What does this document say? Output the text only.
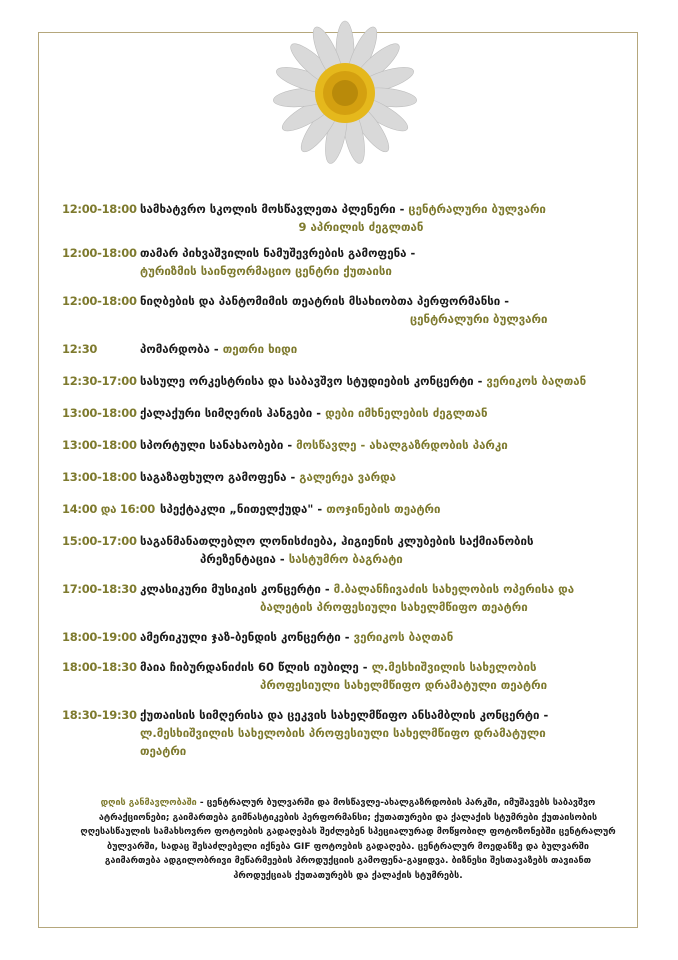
12:00-18:00 სამხატვრო სკოლის მოსწავლეთა პლენერი - ცენტრალური ბულვარი
9 აპრილის ძეგლთან
12:00-18:00 თამარ პიხვაშვილის ნამუშევრების გამოფენა -
ტურიზმის საინფორმაციო ცენტრი ქუთაისი
12:00-18:00 ნიღბების და პანტომიმის თეატრის მსახიობთა პერფორმანსი -
ცენტრალური ბულვარი
12:30	პომარდობა - თეთრი ხიდი
12:30-17:00 სასულე ორკესტრისა და საბავშვო სტუდიების კონცერტი - ვერიკოს ბაღთან
13:00-18:00 ქალაქური სიმღერის ჰანგები - დები იმხნელების ძეგლთან
13:00-18:00 სპორტული სანახაობები - მოსწავლე - ახალგაზრდობის პარკი
13:00-18:00 საგაზაფხულო გამოფენა - გალერეა ვარდა
14:00 და 16:00 სპექტაკლი „ნითელქუდა" - თოჯინების თეატრი
15:00-17:00 საგანმანათლებლო ლონისძიება, ჰიგიენის კლუბების საქმიანობის
პრეზენტაცია - სასტუმრო ბაგრატი
17:00-18:30 კლასიკური მუსიკის კონცერტი - მ.ბალანჩივაძის სახელობის ოპერისა და
ბალეტის პროფესიული სახელმწიფო თეატრი
18:00-19:00 ამერიკული ჯაზ-ბენდის კონცერტი - ვერიკოს ბაღთან
18:00-18:30 მაია ჩიბურდანიძის 60 წლის იუბილე - ლ.მესხიშვილის სახელობის
პროფესიული სახელმწიფო დრამატული თეატრი
18:30-19:30 ქუთაისის სიმღერისა და ცეკვის სახელმწიფო ანსამბლის კონცერტი -
ლ.მესხიშვილის სახელობის პროფესიული სახელმწიფო დრამატული თეატრი
დღის განმავლობაში - ცენტრალურ ბულვარში და მოსწავლე-ახალგაზრდობის პარკში, იმუშავებს საბავშვო ატრაქციონები; გაიმართება გიმნასტიკების პერფორმანსი; ქუთათურები და ქალაქის სტუმრები ქუთაისობის ღღესასწაულის სამახსოვრო ფოტოების გადაღებას შეძლებენ სპეციალურად მოწყობილ ფოტოზონებში ცენტრალურ ბულვარში, სადაც შესაძლებელი იქნება GIF ფოტოების გადაღება. ცენტრალურ მოედანზე და ბულვარში გაიმართება ადგილობრივი მეწარმეების პროდუქციის გამოფენა-გაყიდვა. ბიზნესი შესთავაზებს თავიანთ პროდუქციას ქუთათურებს და ქალაქის სტუმრებს.
